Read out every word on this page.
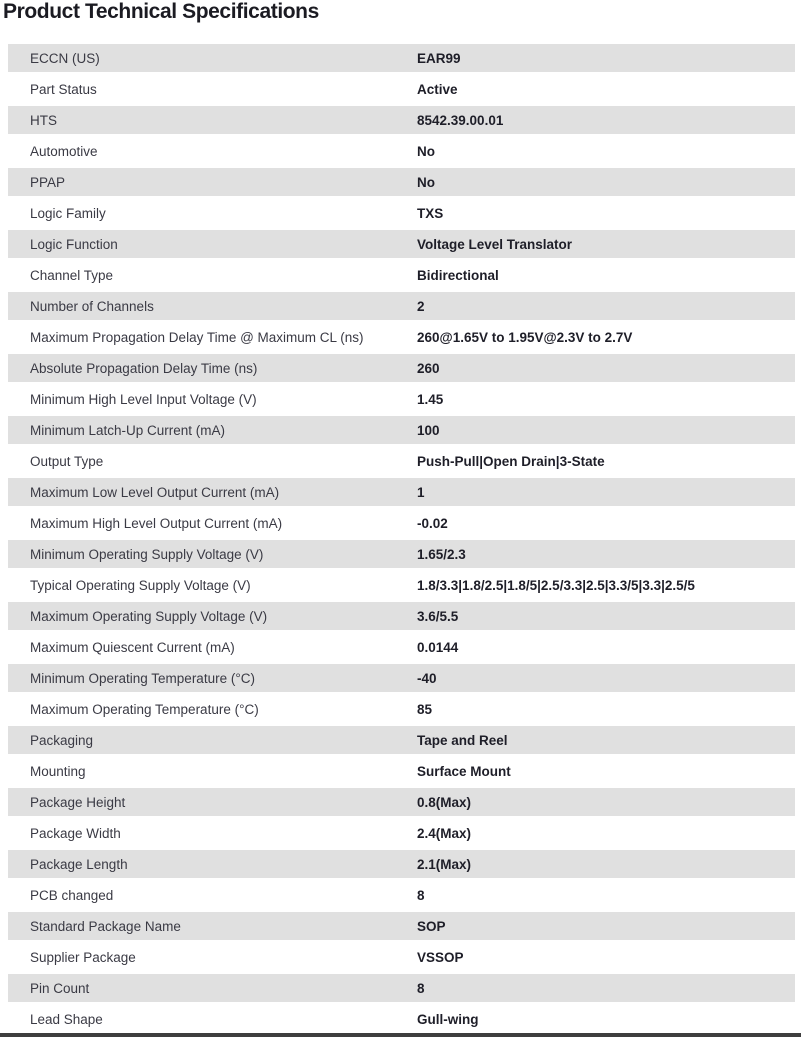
Product Technical Specifications
ECCN (US)	EAR99
Part Status	Active
HTS	8542.39.00.01
Automotive	No
PPAP	No
Logic Family	TXS
Logic Function	Voltage Level Translator
Channel Type	Bidirectional
Number of Channels	2
Maximum Propagation Delay Time @ Maximum CL (ns)	260@1.65V to 1.95V@2.3V to 2.7V
Absolute Propagation Delay Time (ns)	260
Minimum High Level Input Voltage (V)	1.45
Minimum Latch-Up Current (mA)	100
Output Type	Push-Pull|Open Drain|3-State
Maximum Low Level Output Current (mA)	1
Maximum High Level Output Current (mA)	-0.02
Minimum Operating Supply Voltage (V)	1.65/2.3
Typical Operating Supply Voltage (V)	1.8/3.3|1.8/2.5|1.8/5|2.5/3.3|2.5|3.3/5|3.3|2.5/5
Maximum Operating Supply Voltage (V)	3.6/5.5
Maximum Quiescent Current (mA)	0.0144
Minimum Operating Temperature (°C)	-40
Maximum Operating Temperature (°C)	85
Packaging	Tape and Reel
Mounting	Surface Mount
Package Height	0.8(Max)
Package Width	2.4(Max)
Package Length	2.1(Max)
PCB changed	8
Standard Package Name	SOP
Supplier Package	VSSOP
Pin Count	8
Lead Shape	Gull-wing
